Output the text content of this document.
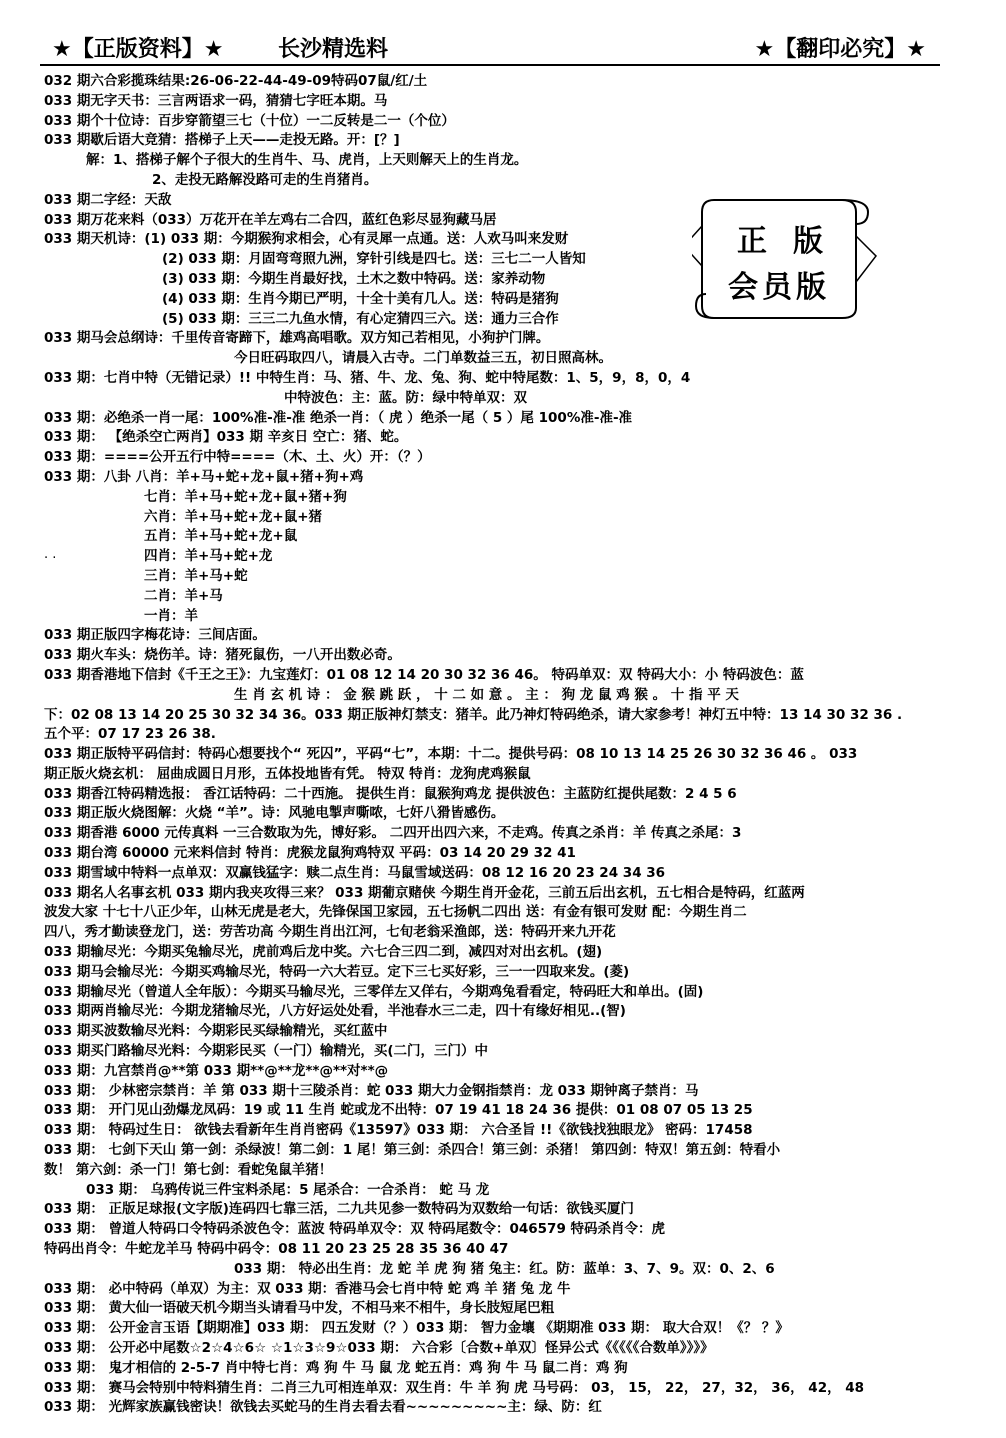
★【正版资料】★ 长沙精选料	★【翻印必究】★
正版
会员版
. .
032 期六合彩揽珠结果:26-06-22-44-49-09特码07鼠/红/土
033 期无字天书：三言两语求一码，猜猜七字旺本期。马
033 期个十位诗：百步穿箭望三七（十位）一二反转是二一（个位）
033 期歇后语大竞猜：搭梯子上天——走投无路。开：[？]
解：1、搭梯子解个子很大的生肖牛、马、虎肖，上天则解天上的生肖龙。
2、走投无路解没路可走的生肖猪肖。
033 期二字经：天敌
033 期万花来料（033）万花开在羊左鸡右二合四，蓝红色彩尽显狗藏马居
033 期天机诗：(1) 033 期：今期猴狗求相会，心有灵犀一点通。送：人欢马叫来发财
(2) 033 期：月固弯弯照九洲，穿针引线是四七。送：三七二一人皆知
(3) 033 期：今期生肖最好找，土木之数中特码。送：家养动物
(4) 033 期：生肖今期已严明，十全十美有几人。送：特码是猪狗
(5) 033 期：三三二九鱼水情，有心定猜四三六。送：通力三合作
033 期马会总纲诗：千里传音寄蹄下，雄鸡高唱歌。双方知己若相见，小狗护门牌。
今日旺码取四八，请晨入古寺。二门单数益三五，初日照高林。
033 期：七肖中特（无错记录）!! 中特生肖：马、猪、牛、龙、兔、狗、蛇中特尾数：1、5，9，8，0，4
中特波色：主：蓝。防：绿中特单双：双
033 期：必绝杀一肖一尾：100%准-准-准 绝杀一肖：（ 虎 ）绝杀一尾（ 5 ）尾 100%准-准-准
033 期： 【绝杀空亡两肖】033 期 辛亥日 空亡：猪、蛇。
033 期：====公开五行中特====（木、土、火）开：（？）
033 期：八卦 八肖：羊+马+蛇+龙+鼠+猪+狗+鸡
七肖：羊+马+蛇+龙+鼠+猪+狗
六肖：羊+马+蛇+龙+鼠+猪
五肖：羊+马+蛇+龙+鼠
四肖：羊+马+蛇+龙
三肖：羊+马+蛇
二肖：羊+马
一肖：羊
033 期正版四字梅花诗：三间店面。
033 期火车头：烧伤羊。诗：猪死鼠伤，一八开出数必奇。
033 期香港地下信封《千王之王》：九宝莲灯：01 08 12 14 20 30 32 36 46。 特码单双：双 特码大小：小 特码波色：蓝
生 肖 玄 机 诗 ： 金 猴 跳 跃 ， 十 二 如 意 。 主 ： 狗 龙 鼠 鸡 猴 。 十 指 平 天
下：02 08 13 14 20 25 30 32 34 36。033 期正版神灯禁支：猪羊。此乃神灯特码绝杀，请大家参考！神灯五中特：13 14 30 32 36 .
五个平：07 17 23 26 38.
033 期正版特平码信封：特码心想要找个“ 死囚”，平码“七”，本期：十二。提供号码：08 10 13 14 25 26 30 32 36 46 。 033
期正版火烧玄机： 屈曲成圆日月形，五体投地皆有凭。 特双 特肖：龙狗虎鸡猴鼠
033 期香江特码精选报： 香江话特码：二十西施。 提供生肖：鼠猴狗鸡龙 提供波色：主蓝防红提供尾数：2 4 5 6
033 期正版火烧图解：火烧 “羊”。诗：风驰电掣声嘶哝，七奸八猾皆感伤。
033 期香港 6000 元传真料 一三合数取为先，博好彩。 二四开出四六来，不走鸡。传真之杀肖：羊 传真之杀尾：3
033 期台湾 60000 元来料信封 特肖：虎猴龙鼠狗鸡特双 平码：03 14 20 29 32 41
033 期雪域中特料一点单双：双赢钱猛字：赎二点生肖：马鼠雪域送码：08 12 16 20 23 24 34 36
033 期名人名事玄机 033 期内我夹攻得三来？ 033 期葡京赌侠 今期生肖开金花，三前五后出玄机，五七相合是特码，红蓝两
波发大家 十七十八正少年，山林无虎是老大，先锋保国卫家园，五七扬帆二四出 送：有金有银可发财 配：今期生肖二
四八，秀才勤读登龙门，送：劳苦功高 今期生肖出江河，七旬老翁采渔郎，送：特码开来九开花
033 期输尽光：今期买兔输尽光，虎前鸡后龙中奖。六七合三四二到，减四对对出玄机。(翅)
033 期马会输尽光：今期买鸡输尽光，特码一六大若豆。定下三七买好彩，三一一四取来发。(菱)
033 期输尽光（曾道人全年版）：今期买马输尽光，三零佯左又佯右，今期鸡兔看看定，特码旺大和单出。(固)
033 期两肖输尽光：今期龙猪输尽光，八方好运处处看，半池春水三二走，四十有缘好相见..(智)
033 期买波数输尽光料：今期彩民买绿输精光，买红蓝中
033 期买门路输尽光料：今期彩民买（一门）输精光，买(二门，三门）中
033 期：九宫禁肖@**第 033 期**@**龙**@**对**@
033 期： 少林密宗禁肖：羊 第 033 期十三陵杀肖：蛇 033 期大力金钢指禁肖：龙 033 期钟离子禁肖：马
033 期： 开门见山劲爆龙凤码：19 或 11 生肖 蛇或龙不出特：07 19 41 18 24 36 提供：01 08 07 05 13 25
033 期： 特码过生日： 欲钱去看新年生肖肖密码《13597》033 期： 六合圣旨 !!《欲钱找独眼龙》 密码：17458
033 期： 七剑下天山 第一剑：杀绿波！第二剑：1 尾！第三剑：杀四合！第三剑：杀猪！ 第四剑：特双！第五剑：特看小
数！ 第六剑：杀一门！第七剑：看蛇兔鼠羊猪！
033 期： 乌鸦传说三件宝料杀尾：5 尾杀合：一合杀肖： 蛇 马 龙
033 期： 正版足球报(文字版)连码四七靠三活，二九共见参一数特码为双数给一句话：欲钱买厦门
033 期： 曾道人特码口令特码杀波色令：蓝波 特码单双令：双 特码尾数令：046579 特码杀肖令：虎
特码出肖令：牛蛇龙羊马 特码中码令：08 11 20 23 25 28 35 36 40 47
033 期： 特必出生肖：龙 蛇 羊 虎 狗 猪 兔主：红。防：蓝单：3、7、9。双：0、2、6
033 期： 必中特码（单双）为主：双 033 期：香港马会七肖中特 蛇 鸡 羊 猪 兔 龙 牛
033 期： 黄大仙一语破天机今期当头请看马中发，不相马来不相牛，身长肢短尾巴粗
033 期： 公开金言玉语【期期准】033 期： 四五发财（？）033 期： 智力金壤 《期期准 033 期： 取大合双！《？ ？》
033 期： 公开必中尾数☆2☆4☆6☆ ☆1☆3☆9☆033 期： 六合彩〔合数+单双〕怪异公式《《《《《合数单》》》》
033 期： 鬼才相信的 2-5-7 肖中特七肖：鸡 狗 牛 马 鼠 龙 蛇五肖：鸡 狗 牛 马 鼠二肖：鸡 狗
033 期： 赛马会特别中特料猜生肖：二肖三九可相连单双：双生肖：牛 羊 狗 虎 马号码： 03， 15， 22， 27，32， 36， 42， 48
033 期： 光辉家族赢钱密诀！欲钱去买蛇马的生肖去看去看~~~~~~~~~主：绿、防：红
